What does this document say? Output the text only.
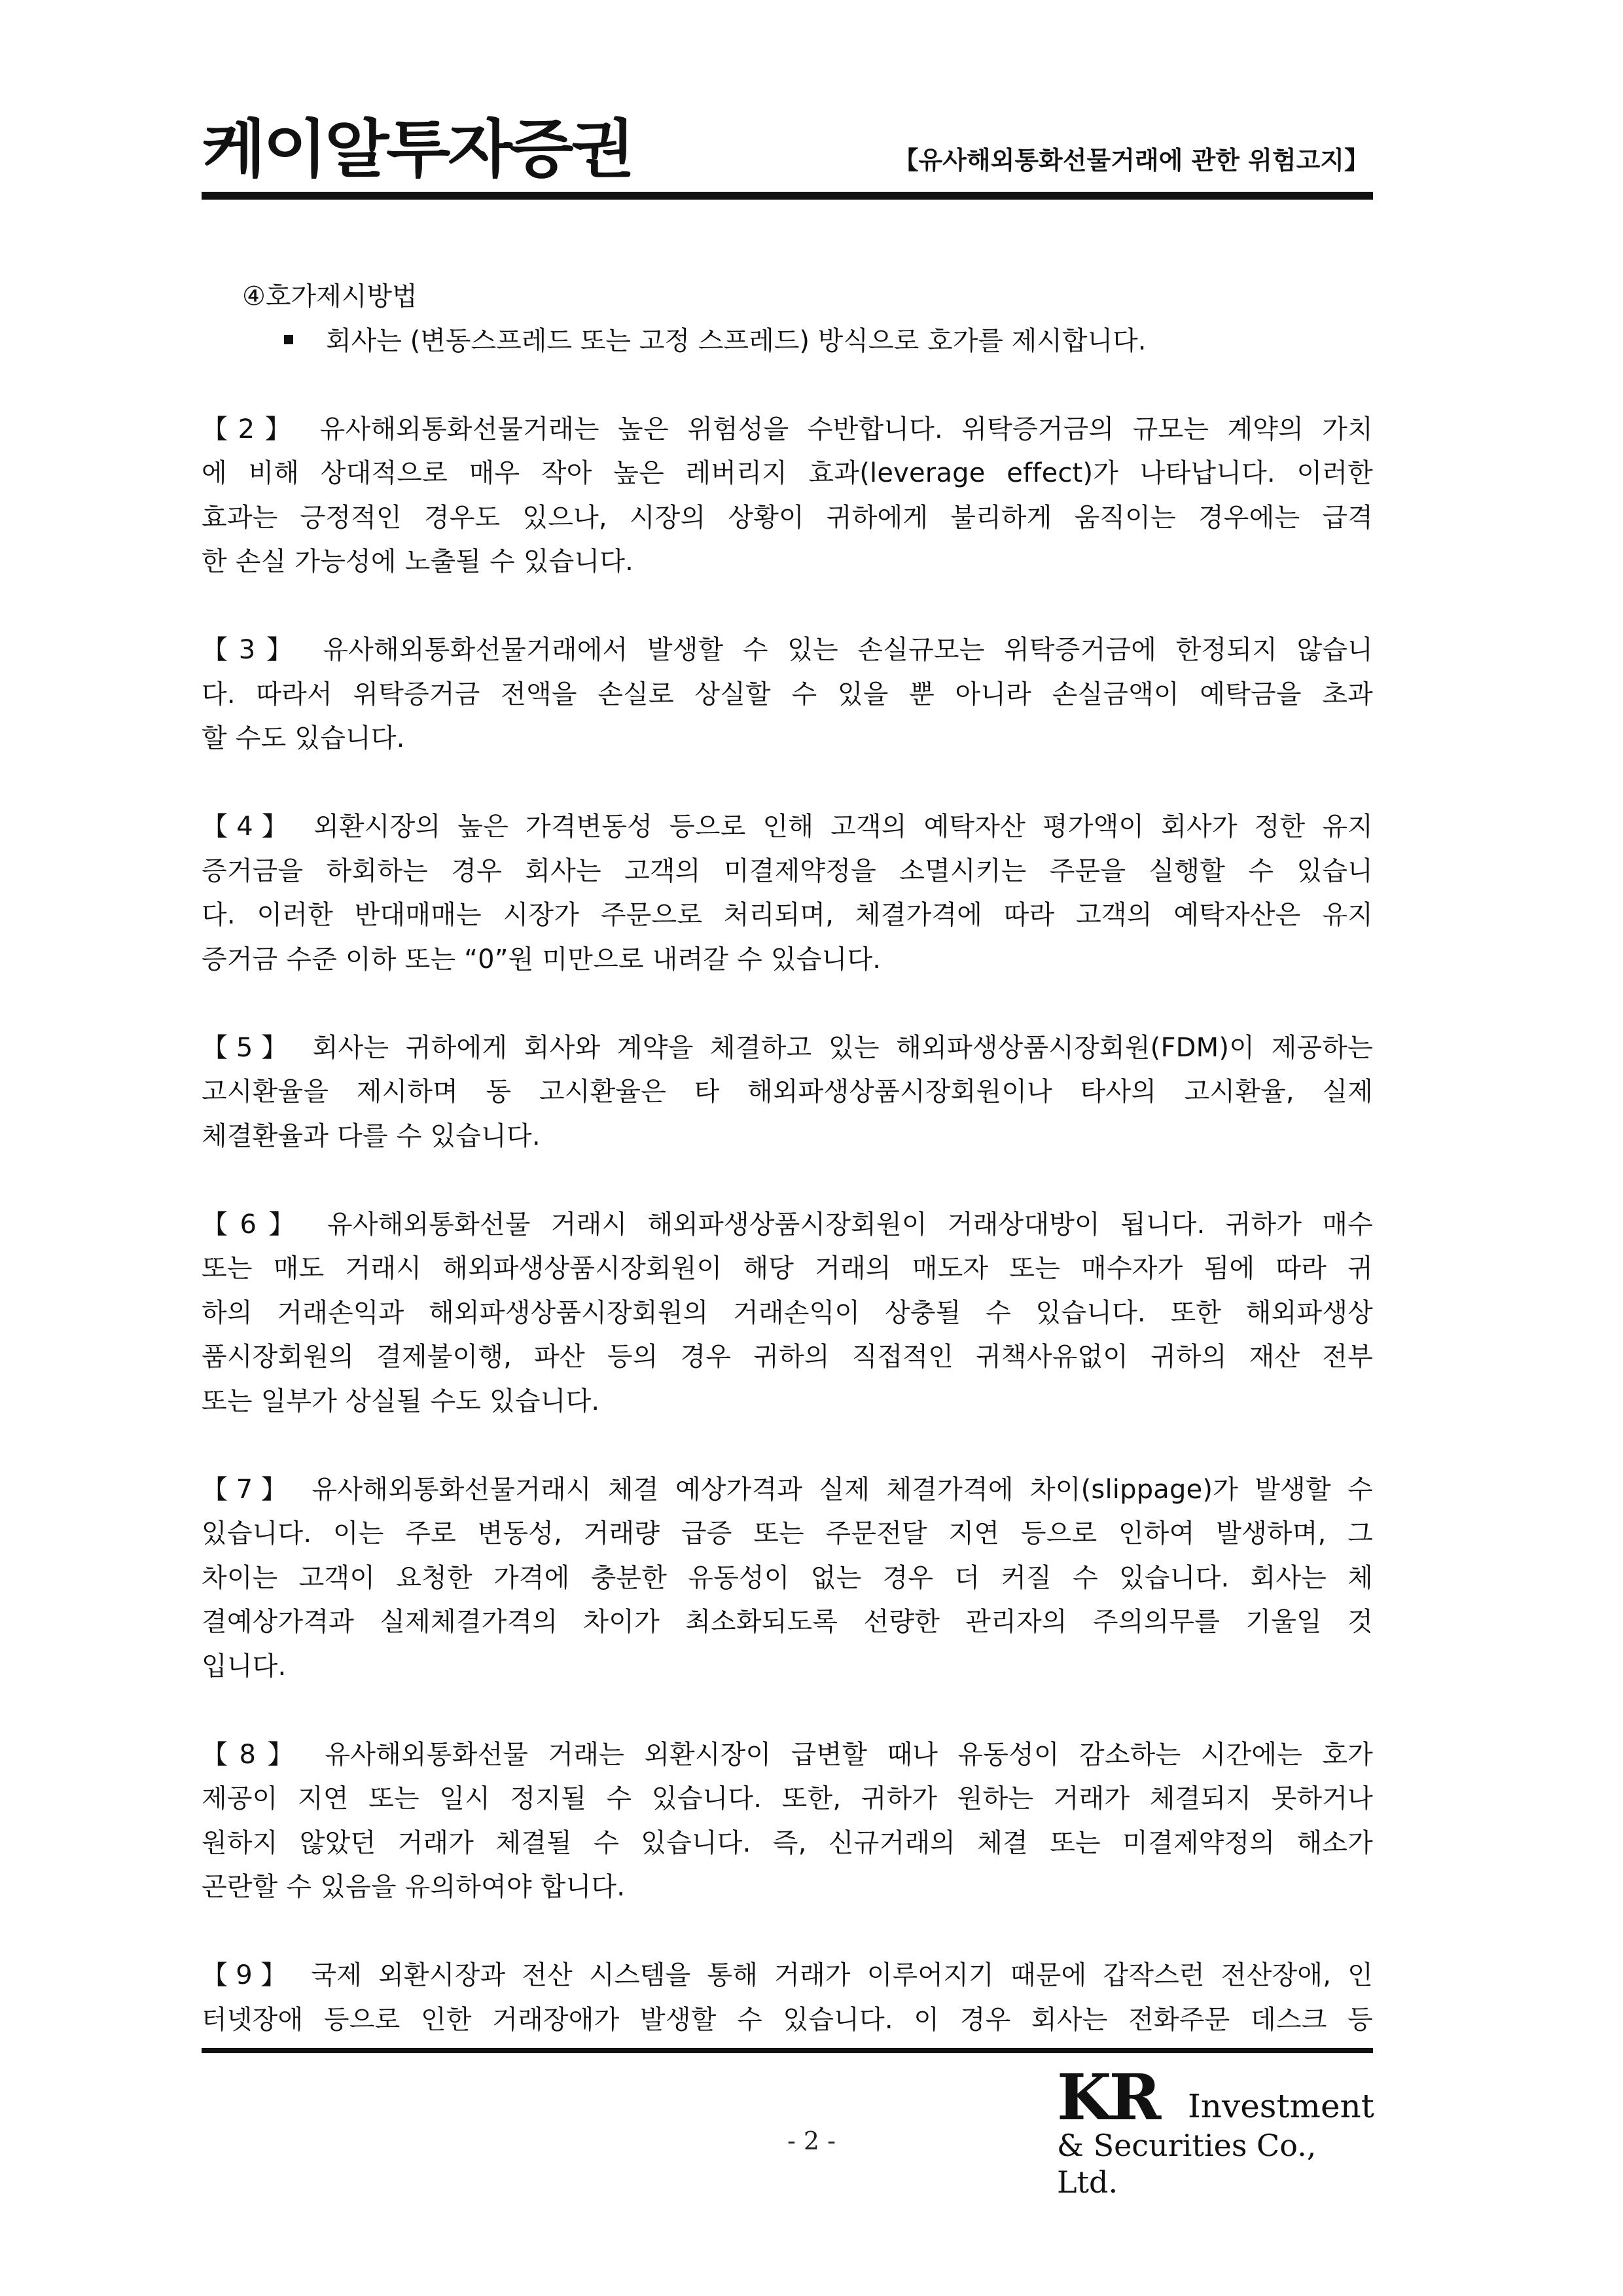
케이알투자증권	【유사해외통화선물거래에 관한 위험고지】
④호가제시방법
회사는 (변동스프레드 또는 고정 스프레드) 방식으로 호가를 제시합니다.
【2】 유사해외통화선물거래는 높은 위험성을 수반합니다. 위탁증거금의 규모는 계약의 가치
에 비해 상대적으로 매우 작아 높은 레버리지 효과(leverage effect)가 나타납니다. 이러한
효과는 긍정적인 경우도 있으나, 시장의 상황이 귀하에게 불리하게 움직이는 경우에는 급격
한 손실 가능성에 노출될 수 있습니다.
【3】 유사해외통화선물거래에서 발생할 수 있는 손실규모는 위탁증거금에 한정되지 않습니
다. 따라서 위탁증거금 전액을 손실로 상실할 수 있을 뿐 아니라 손실금액이 예탁금을 초과
할 수도 있습니다.
【4】 외환시장의 높은 가격변동성 등으로 인해 고객의 예탁자산 평가액이 회사가 정한 유지
증거금을 하회하는 경우 회사는 고객의 미결제약정을 소멸시키는 주문을 실행할 수 있습니
다. 이러한 반대매매는 시장가 주문으로 처리되며, 체결가격에 따라 고객의 예탁자산은 유지
증거금 수준 이하 또는 “0”원 미만으로 내려갈 수 있습니다.
【5】 회사는 귀하에게 회사와 계약을 체결하고 있는 해외파생상품시장회원(FDM)이 제공하는
고시환율을 제시하며 동 고시환율은 타 해외파생상품시장회원이나 타사의 고시환율, 실제
체결환율과 다를 수 있습니다.
【6】 유사해외통화선물 거래시 해외파생상품시장회원이 거래상대방이 됩니다. 귀하가 매수
또는 매도 거래시 해외파생상품시장회원이 해당 거래의 매도자 또는 매수자가 됨에 따라 귀
하의 거래손익과 해외파생상품시장회원의 거래손익이 상충될 수 있습니다. 또한 해외파생상
품시장회원의 결제불이행, 파산 등의 경우 귀하의 직접적인 귀책사유없이 귀하의 재산 전부
또는 일부가 상실될 수도 있습니다.
【7】 유사해외통화선물거래시 체결 예상가격과 실제 체결가격에 차이(slippage)가 발생할 수
있습니다. 이는 주로 변동성, 거래량 급증 또는 주문전달 지연 등으로 인하여 발생하며, 그
차이는 고객이 요청한 가격에 충분한 유동성이 없는 경우 더 커질 수 있습니다. 회사는 체
결예상가격과 실제체결가격의 차이가 최소화되도록 선량한 관리자의 주의의무를 기울일 것
입니다.
【8】 유사해외통화선물 거래는 외환시장이 급변할 때나 유동성이 감소하는 시간에는 호가
제공이 지연 또는 일시 정지될 수 있습니다. 또한, 귀하가 원하는 거래가 체결되지 못하거나
원하지 않았던 거래가 체결될 수 있습니다. 즉, 신규거래의 체결 또는 미결제약정의 해소가
곤란할 수 있음을 유의하여야 합니다.
【9】 국제 외환시장과 전산 시스템을 통해 거래가 이루어지기 때문에 갑작스런 전산장애, 인
터넷장애 등으로 인한 거래장애가 발생할 수 있습니다. 이 경우 회사는 전화주문 데스크 등
- 2 -
KR Investment
& Securities Co., Ltd.
